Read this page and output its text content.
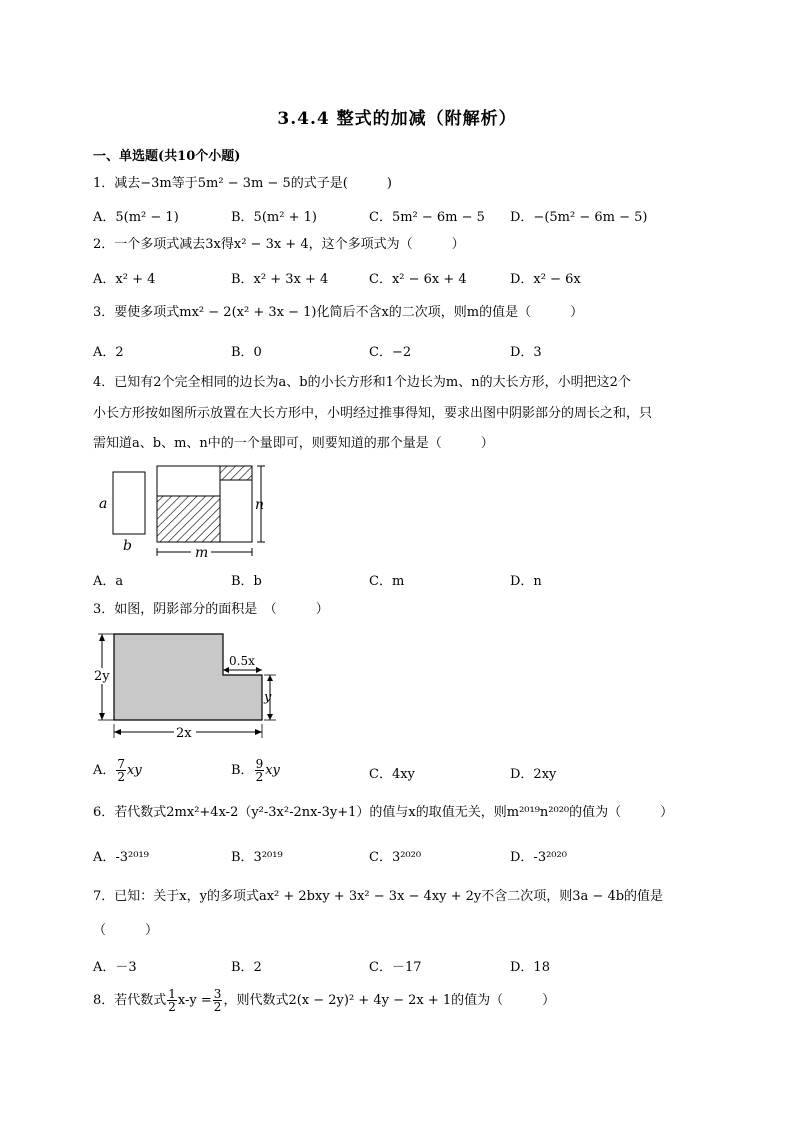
3.4.4 整式的加减（附解析）
一、单选题(共10个小题)
1．减去−3m等于5m² − 3m − 5的式子是(　　　)
A．5(m² − 1)	B．5(m² + 1)	C．5m² − 6m − 5 D．−(5m² − 6m − 5)
2．一个多项式减去3x得x² − 3x + 4，这个多项式为（　　　）
A．x² + 4	B．x² + 3x + 4	C．x² − 6x + 4	D．x² − 6x
3．要使多项式mx² − 2(x² + 3x − 1)化简后不含x的二次项，则m的值是（　　　）
A．2	B．0	C．−2	D．3
4．已知有2个完全相同的边长为a、b的小长方形和1个边长为m、n的大长方形，小明把这2个
小长方形按如图所示放置在大长方形中，小明经过推事得知，要求出图中阴影部分的周长之和，只
需知道a、b、m、n中的一个量即可，则要知道的那个量是（　　　）
a
b
n
m
A．a	B．b	C．m	D．n
3．如图，阴影部分的面积是　（　　　）
2y
0.5x
y
2x
A． $\frac{7}{2}$ xy	B． $\frac{9}{2}$ xy	C．4xy	D．2xy
6．若代数式2mx²+4x-2（y²-3x²-2nx-3y+1）的值与x的取值无关，则m²⁰¹⁹n²⁰²⁰的值为（　　　）
A．-3²⁰¹⁹	B．3²⁰¹⁹	C．3²⁰²⁰	D．-3²⁰²⁰
7．已知：关于x，y的多项式ax² + 2bxy + 3x² − 3x − 4xy + 2y不含二次项，则3a − 4b的值是
（　　　）
A．－3	B．2	C．－17	D．18
8．若代数式 $\frac{1}{2} x-y = \frac{3}{2}$ ，则代数式2(x − 2y)² + 4y − 2x + 1的值为（　　　）
